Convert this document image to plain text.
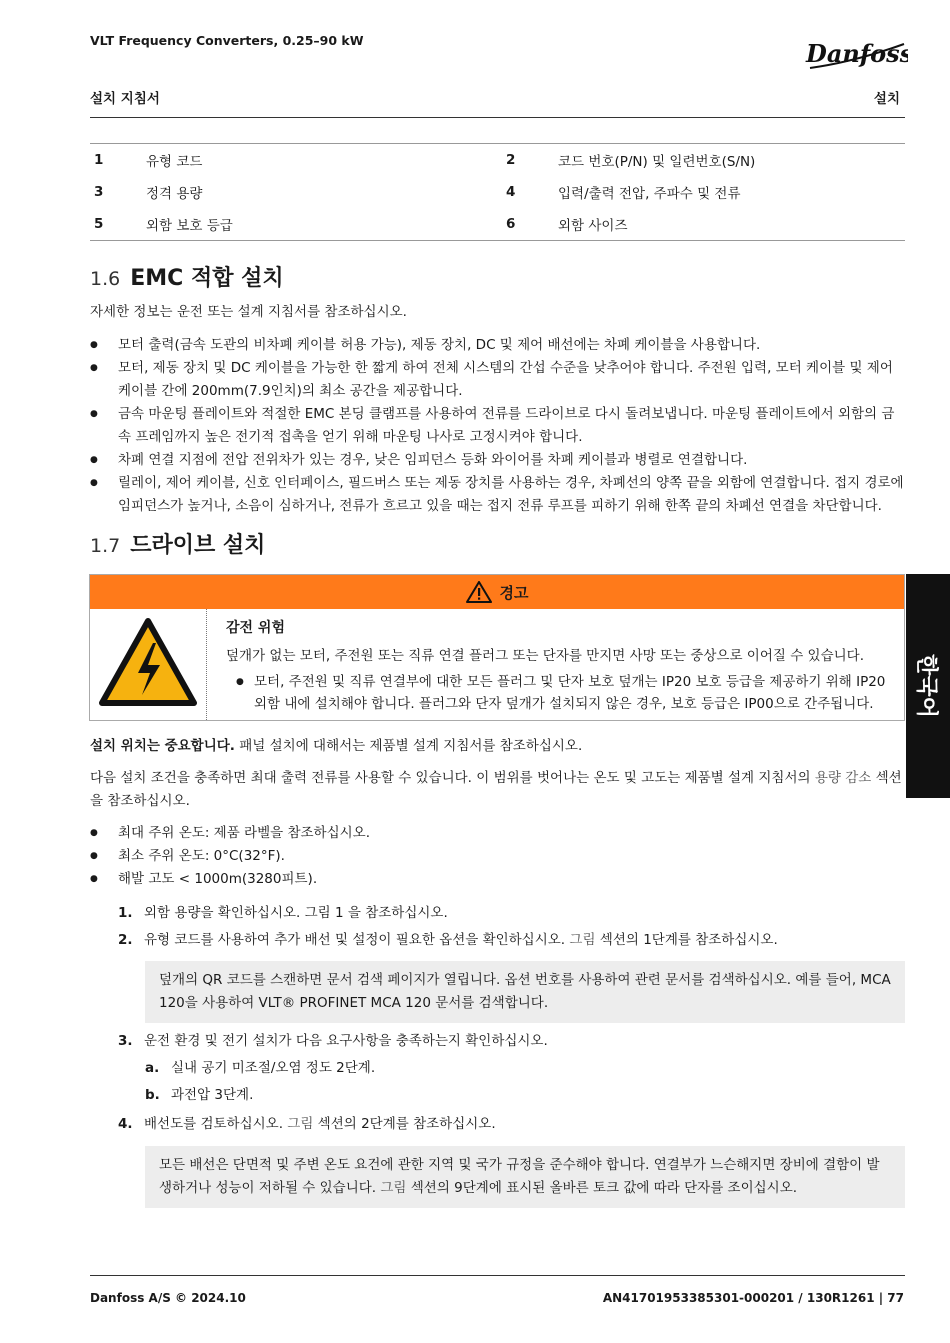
VLT Frequency Converters, 0.25–90 kW	Danfoss
설치 지침서	설치
1	유형 코드	2	코드 번호(P/N) 및 일련번호(S/N)
3	정격 용량	4	입력/출력 전압, 주파수 및 전류
5	외함 보호 등급	6	외함 사이즈
1.6 EMC 적합 설치
자세한 정보는 운전 또는 설계 지침서를 참조하십시오.
● 모터 출력(금속 도관의 비차폐 케이블 허용 가능), 제동 장치, DC 및 제어 배선에는 차폐 케이블을 사용합니다.
● 모터, 제동 장치 및 DC 케이블을 가능한 한 짧게 하여 전체 시스템의 간섭 수준을 낮추어야 합니다. 주전원 입력, 모터 케이블 및 제어 케이블 간에 200mm(7.9인치)의 최소 공간을 제공합니다.
● 금속 마운팅 플레이트와 적절한 EMC 본딩 클램프를 사용하여 전류를 드라이브로 다시 돌려보냅니다. 마운팅 플레이트에서 외함의 금속 프레임까지 높은 전기적 접촉을 얻기 위해 마운팅 나사로 고정시켜야 합니다.
● 차폐 연결 지점에 전압 전위차가 있는 경우, 낮은 임피던스 등화 와이어를 차폐 케이블과 병렬로 연결합니다.
● 릴레이, 제어 케이블, 신호 인터페이스, 필드버스 또는 제동 장치를 사용하는 경우, 차폐선의 양쪽 끝을 외함에 연결합니다. 접지 경로에 임피던스가 높거나, 소음이 심하거나, 전류가 흐르고 있을 때는 접지 전류 루프를 피하기 위해 한쪽 끝의 차폐선 연결을 차단합니다.
1.7 드라이브 설치
경고
감전 위험
덮개가 없는 모터, 주전원 또는 직류 연결 플러그 또는 단자를 만지면 사망 또는 중상으로 이어질 수 있습니다.
● 모터, 주전원 및 직류 연결부에 대한 모든 플러그 및 단자 보호 덮개는 IP20 보호 등급을 제공하기 위해 IP20 외함 내에 설치해야 합니다. 플러그와 단자 덮개가 설치되지 않은 경우, 보호 등급은 IP00으로 간주됩니다.
설치 위치는 중요합니다. 패널 설치에 대해서는 제품별 설계 지침서를 참조하십시오.
다음 설치 조건을 충족하면 최대 출력 전류를 사용할 수 있습니다. 이 범위를 벗어나는 온도 및 고도는 제품별 설계 지침서의 용량 감소 섹션을 참조하십시오.
● 최대 주위 온도: 제품 라벨을 참조하십시오.
● 최소 주위 온도: 0°C(32°F).
● 해발 고도 < 1000m(3280피트).
1. 외함 용량을 확인하십시오. 그림 1 을 참조하십시오.
2. 유형 코드를 사용하여 추가 배선 및 설정이 필요한 옵션을 확인하십시오. 그림 섹션의 1단계를 참조하십시오.
덮개의 QR 코드를 스캔하면 문서 검색 페이지가 열립니다. 옵션 번호를 사용하여 관련 문서를 검색하십시오. 예를 들어, MCA 120을 사용하여 VLT® PROFINET MCA 120 문서를 검색합니다.
3. 운전 환경 및 전기 설치가 다음 요구사항을 충족하는지 확인하십시오.
a. 실내 공기 미조절/오염 정도 2단계.
b. 과전압 3단계.
4. 배선도를 검토하십시오. 그림 섹션의 2단계를 참조하십시오.
모든 배선은 단면적 및 주변 온도 요건에 관한 지역 및 국가 규정을 준수해야 합니다. 연결부가 느슨해지면 장비에 결함이 발생하거나 성능이 저하될 수 있습니다. 그림 섹션의 9단계에 표시된 올바른 토크 값에 따라 단자를 조이십시오.
한국어
Danfoss A/S © 2024.10	AN41701953385301-000201 / 130R1261 | 77
